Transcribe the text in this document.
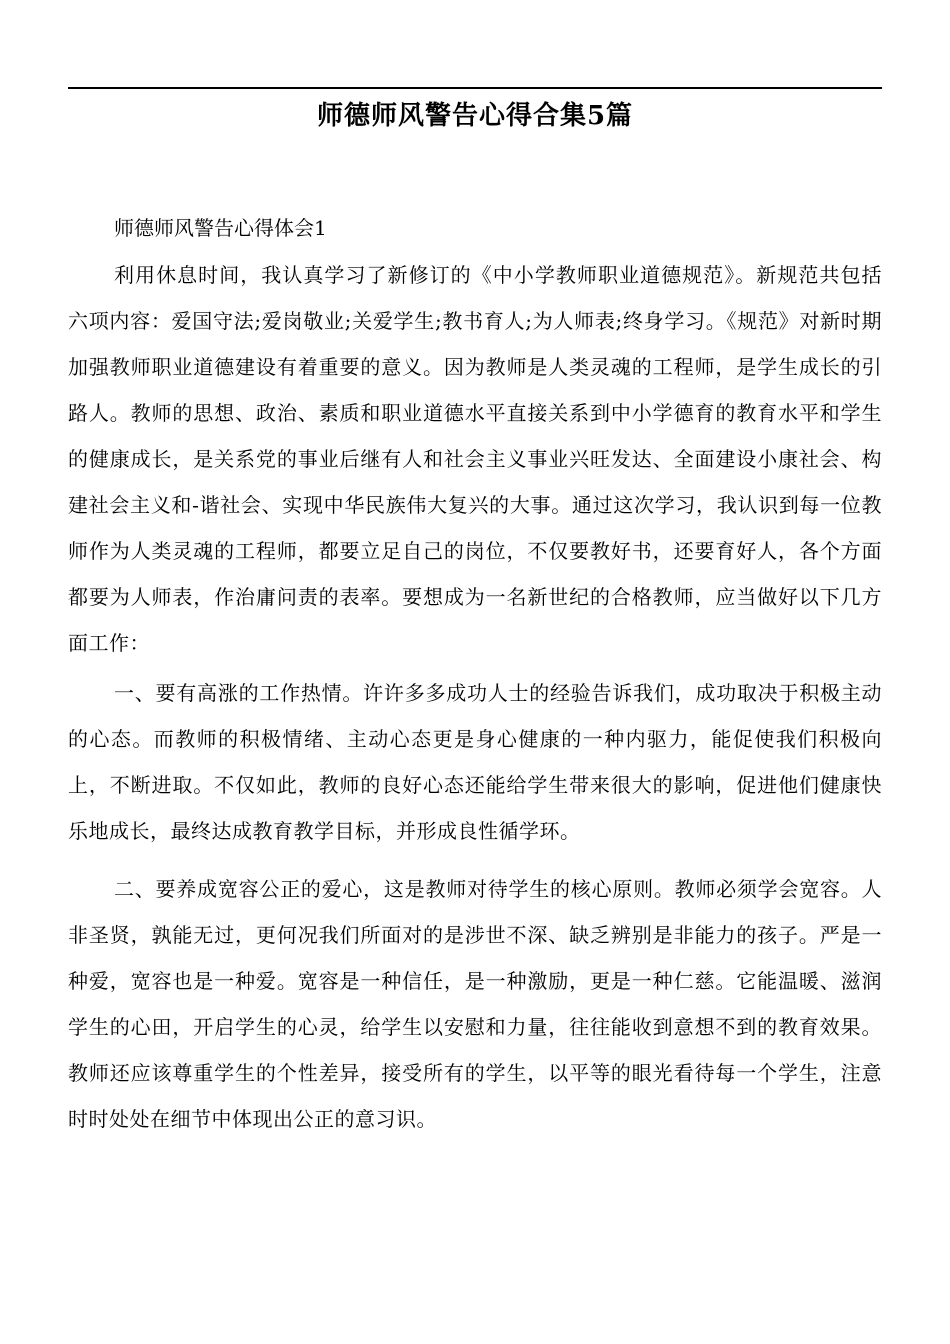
师德师风警告心得合集5篇
师德师风警告心得体会1

利用休息时间，我认真学习了新修订的《中小学教师职业道德规范》。新规范共包括六项内容：爱国守法;爱岗敬业;关爱学生;教书育人;为人师表;终身学习。《规范》对新时期加强教师职业道德建设有着重要的意义。因为教师是人类灵魂的工程师，是学生成长的引路人。教师的思想、政治、素质和职业道德水平直接关系到中小学德育的教育水平和学生的健康成长，是关系党的事业后继有人和社会主义事业兴旺发达、全面建设小康社会、构建社会主义和-谐社会、实现中华民族伟大复兴的大事。通过这次学习，我认识到每一位教师作为人类灵魂的工程师，都要立足自己的岗位，不仅要教好书，还要育好人，各个方面都要为人师表，作治庸问责的表率。要想成为一名新世纪的合格教师，应当做好以下几方面工作：

一、要有高涨的工作热情。许许多多成功人士的经验告诉我们，成功取决于积极主动的心态。而教师的积极情绪、主动心态更是身心健康的一种内驱力，能促使我们积极向上，不断进取。不仅如此，教师的良好心态还能给学生带来很大的影响，促进他们健康快乐地成长，最终达成教育教学目标，并形成良性循学环。

二、要养成宽容公正的爱心，这是教师对待学生的核心原则。教师必须学会宽容。人非圣贤，孰能无过，更何况我们所面对的是涉世不深、缺乏辨别是非能力的孩子。严是一种爱，宽容也是一种爱。宽容是一种信任，是一种激励，更是一种仁慈。它能温暖、滋润学生的心田，开启学生的心灵，给学生以安慰和力量，往往能收到意想不到的教育效果。教师还应该尊重学生的个性差异，接受所有的学生，以平等的眼光看待每一个学生，注意时时处处在细节中体现出公正的意习识。
